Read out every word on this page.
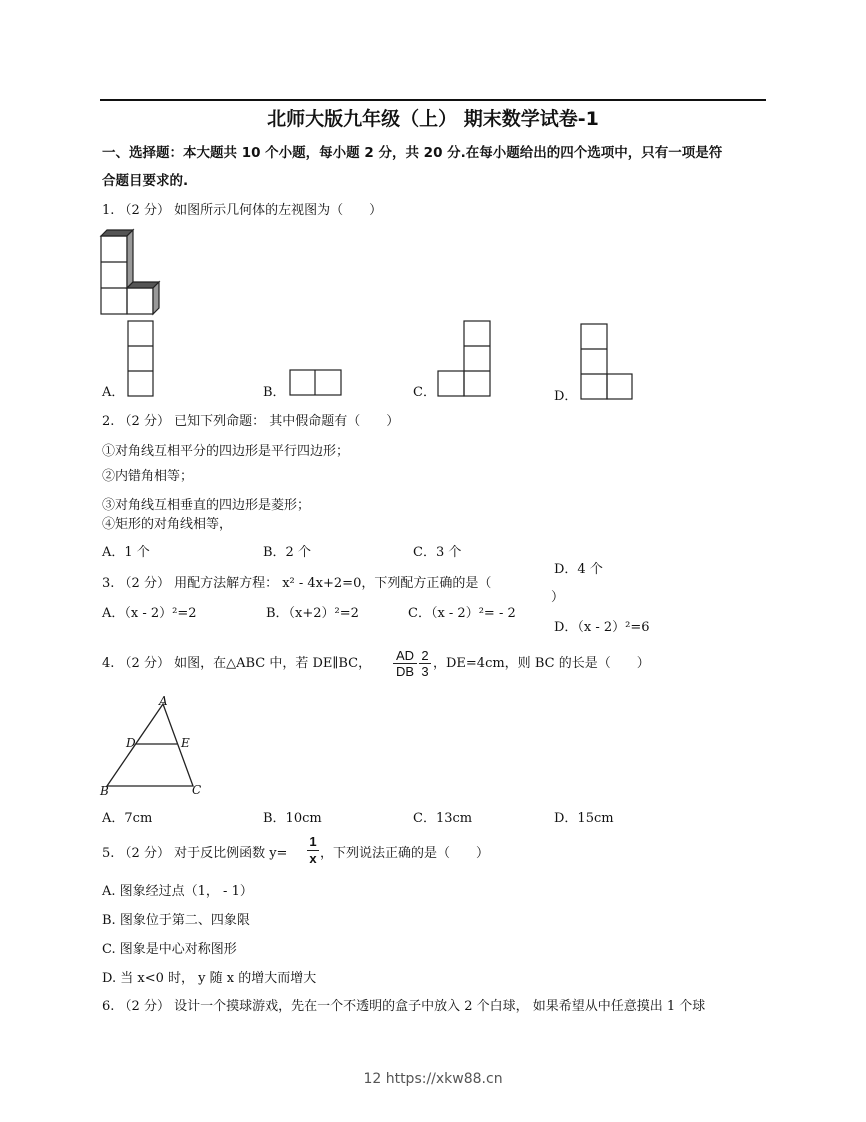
北师大版九年级（上） 期末数学试卷-1
一、选择题：本大题共 10 个小题，每小题 2 分，共 20 分.在每小题给出的四个选项中，只有一项是符
合题目要求的.
1. （2 分） 如图所示几何体的左视图为（　　）
A．	B．	C．	D．
2. （2 分） 已知下列命题： 其中假命题有（　　）
①对角线互相平分的四边形是平行四边形；
②内错角相等；
③对角线互相垂直的四边形是菱形；
④矩形的对角线相等，
A．1 个	B．2 个	C．3 个
D．4 个
3. （2 分） 用配方法解方程： x² - 4x+2=0，下列配方正确的是（
）
A．（x - 2）²=2	B．（x+2）²=2	C．（x - 2）²= - 2
D．（x - 2）²=6
4. （2 分） 如图，在△ABC 中，若 DE∥BC， $\frac{AD}{DB} \frac{2}{3}$ ，DE=4cm，则 BC 的长是（　　）
A
D	E
B	C
A．7cm	B．10cm	C．13cm	D．15cm
5. （2 分） 对于反比例函数 $y= \frac{1}{x}$ ，下列说法正确的是（　　）
A. 图象经过点（1， - 1）
B. 图象位于第二、四象限
C. 图象是中心对称图形
D. 当 x<0 时， y 随 x 的增大而增大
6. （2 分） 设计一个摸球游戏，先在一个不透明的盒子中放入 2 个白球， 如果希望从中任意摸出 1 个球
12 https://xkw88.cn
